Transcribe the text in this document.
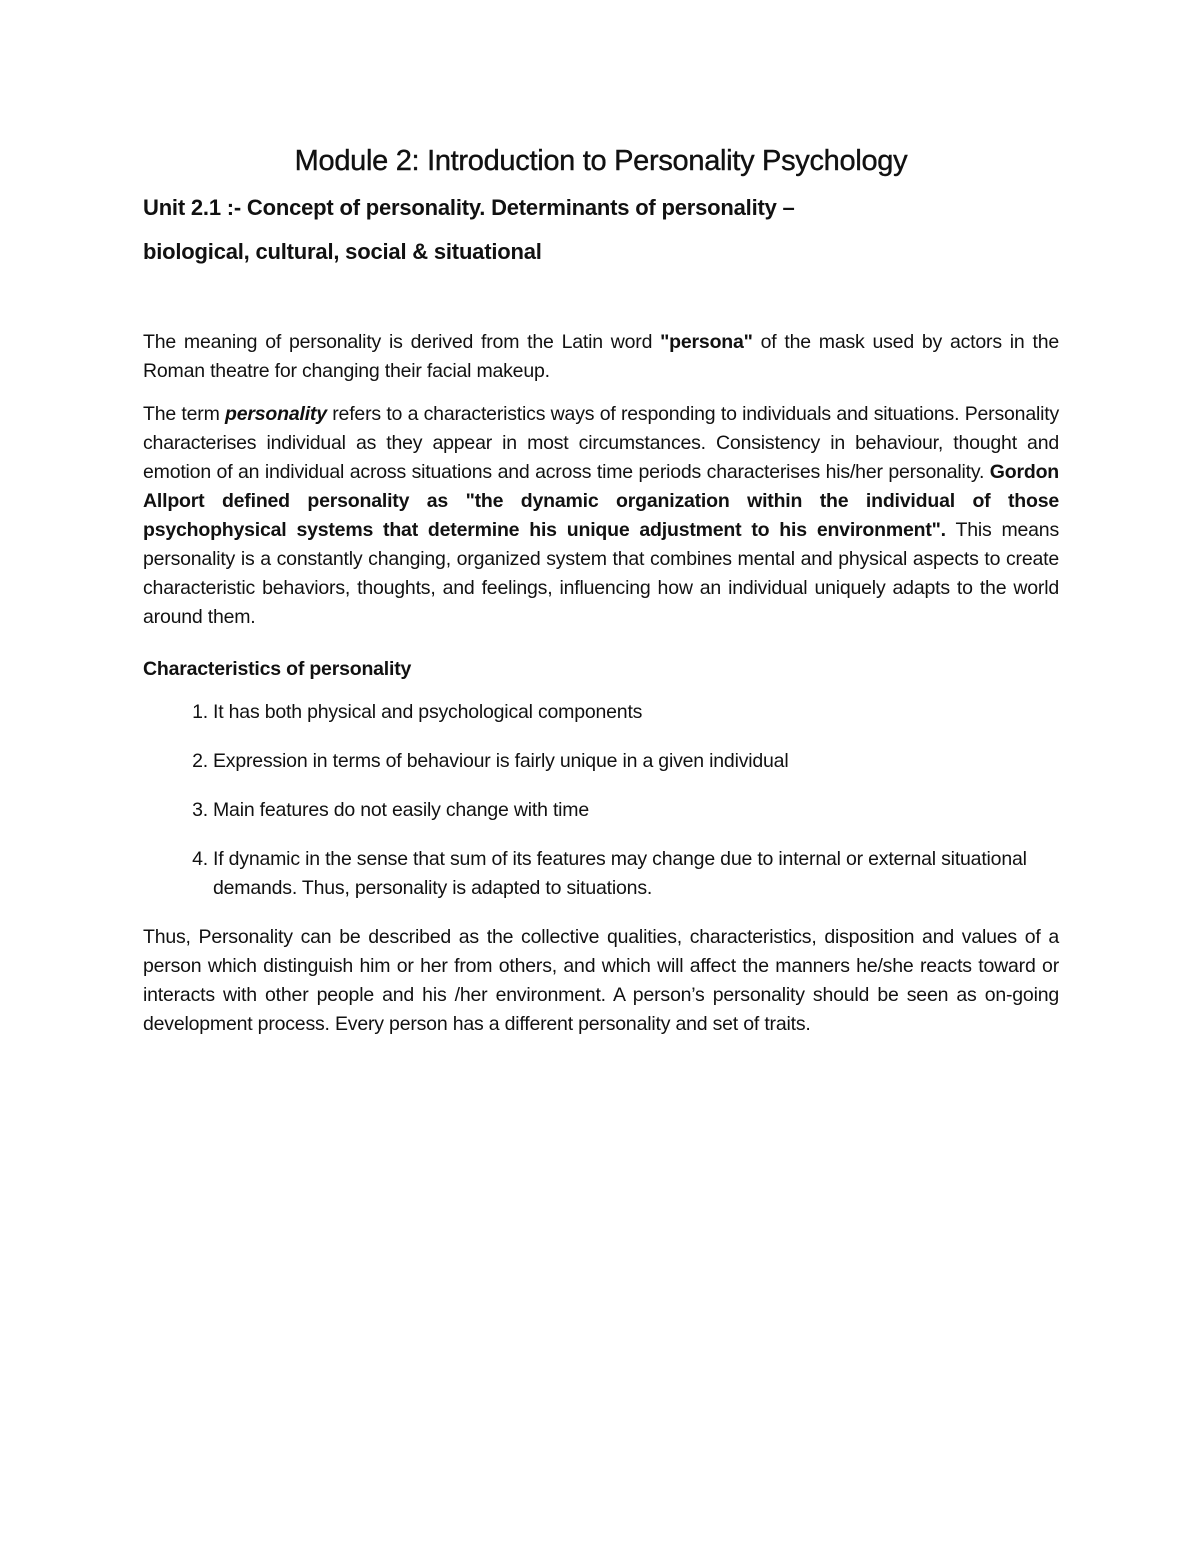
Module 2: Introduction to Personality Psychology
Unit 2.1 :- Concept of personality. Determinants of personality –
biological, cultural, social & situational

The meaning of personality is derived from the Latin word "persona" of the mask used by actors in the Roman theatre for changing their facial makeup.

The term personality refers to a characteristics ways of responding to individuals and situations. Personality characterises individual as they appear in most circumstances. Consistency in behaviour, thought and emotion of an individual across situations and across time periods characterises his/her personality. Gordon Allport defined personality as "the dynamic organization within the individual of those psychophysical systems that determine his unique adjustment to his environment". This means personality is a constantly changing, organized system that combines mental and physical aspects to create characteristic behaviors, thoughts, and feelings, influencing how an individual uniquely adapts to the world around them.

Characteristics of personality
1 . It has both physical and psychological components
2 . Expression in terms of behaviour is fairly unique in a given individual
3 . Main features do not easily change with time
4 . If dynamic in the sense that sum of its features may change due to internal or external situational demands. Thus, personality is adapted to situations.

Thus, Personality can be described as the collective qualities, characteristics, disposition and values of a person which distinguish him or her from others, and which will affect the manners he/she reacts toward or interacts with other people and his /her environment. A person’s personality should be seen as on-going development process. Every person has a different personality and set of traits.
